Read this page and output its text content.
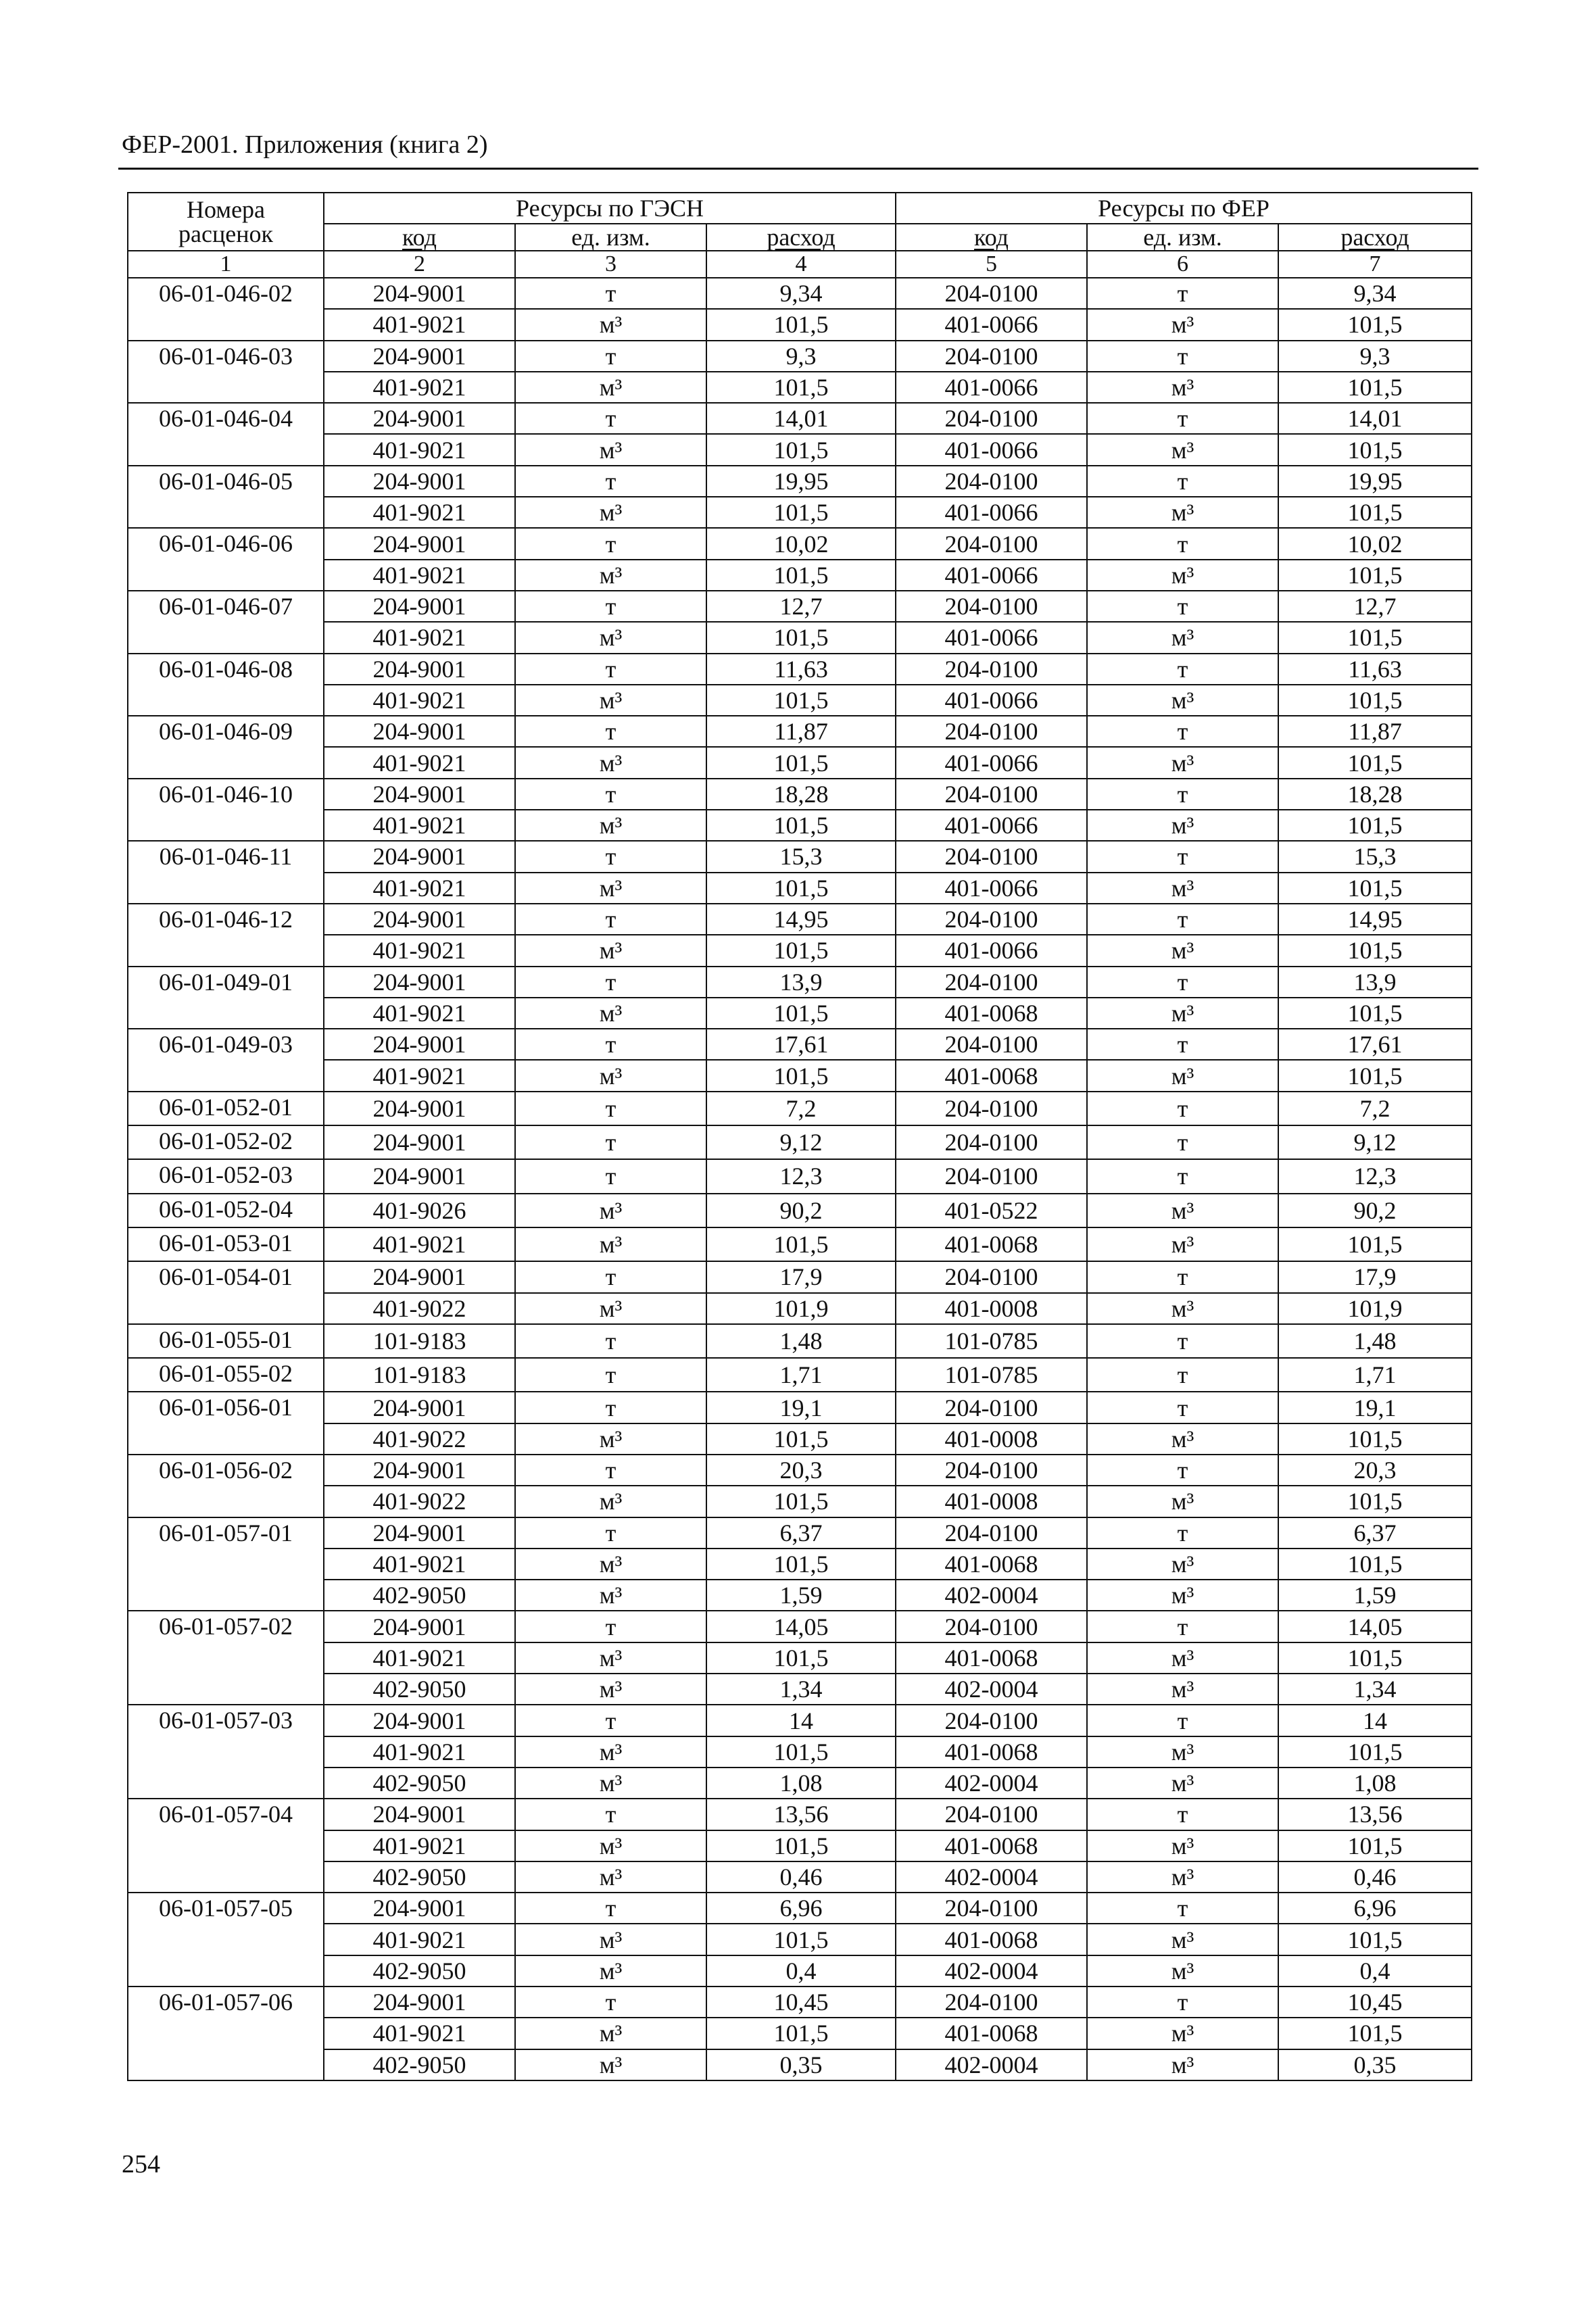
ФЕР-2001. Приложения (книга 2)
Номера
расценок	Ресурсы по ГЭСН			Ресурсы по ФЕР		
	код	ед. изм.	расход	код	ед. изм.	расход
1	2	3	4	5	6	7
06-01-046-02	204-9001	т	9,34	204-0100	т	9,34
	401-9021	м³	101,5	401-0066	м³	101,5
06-01-046-03	204-9001	т	9,3	204-0100	т	9,3
	401-9021	м³	101,5	401-0066	м³	101,5
06-01-046-04	204-9001	т	14,01	204-0100	т	14,01
	401-9021	м³	101,5	401-0066	м³	101,5
06-01-046-05	204-9001	т	19,95	204-0100	т	19,95
	401-9021	м³	101,5	401-0066	м³	101,5
06-01-046-06	204-9001	т	10,02	204-0100	т	10,02
	401-9021	м³	101,5	401-0066	м³	101,5
06-01-046-07	204-9001	т	12,7	204-0100	т	12,7
	401-9021	м³	101,5	401-0066	м³	101,5
06-01-046-08	204-9001	т	11,63	204-0100	т	11,63
	401-9021	м³	101,5	401-0066	м³	101,5
06-01-046-09	204-9001	т	11,87	204-0100	т	11,87
	401-9021	м³	101,5	401-0066	м³	101,5
06-01-046-10	204-9001	т	18,28	204-0100	т	18,28
	401-9021	м³	101,5	401-0066	м³	101,5
06-01-046-11	204-9001	т	15,3	204-0100	т	15,3
	401-9021	м³	101,5	401-0066	м³	101,5
06-01-046-12	204-9001	т	14,95	204-0100	т	14,95
	401-9021	м³	101,5	401-0066	м³	101,5
06-01-049-01	204-9001	т	13,9	204-0100	т	13,9
	401-9021	м³	101,5	401-0068	м³	101,5
06-01-049-03	204-9001	т	17,61	204-0100	т	17,61
	401-9021	м³	101,5	401-0068	м³	101,5
06-01-052-01	204-9001	т	7,2	204-0100	т	7,2
06-01-052-02	204-9001	т	9,12	204-0100	т	9,12
06-01-052-03	204-9001	т	12,3	204-0100	т	12,3
06-01-052-04	401-9026	м³	90,2	401-0522	м³	90,2
06-01-053-01	401-9021	м³	101,5	401-0068	м³	101,5
06-01-054-01	204-9001	т	17,9	204-0100	т	17,9
	401-9022	м³	101,9	401-0008	м³	101,9
06-01-055-01	101-9183	т	1,48	101-0785	т	1,48
06-01-055-02	101-9183	т	1,71	101-0785	т	1,71
06-01-056-01	204-9001	т	19,1	204-0100	т	19,1
	401-9022	м³	101,5	401-0008	м³	101,5
06-01-056-02	204-9001	т	20,3	204-0100	т	20,3
	401-9022	м³	101,5	401-0008	м³	101,5
06-01-057-01	204-9001	т	6,37	204-0100	т	6,37
	401-9021	м³	101,5	401-0068	м³	101,5
	402-9050	м³	1,59	402-0004	м³	1,59
06-01-057-02	204-9001	т	14,05	204-0100	т	14,05
	401-9021	м³	101,5	401-0068	м³	101,5
	402-9050	м³	1,34	402-0004	м³	1,34
06-01-057-03	204-9001	т	14	204-0100	т	14
	401-9021	м³	101,5	401-0068	м³	101,5
	402-9050	м³	1,08	402-0004	м³	1,08
06-01-057-04	204-9001	т	13,56	204-0100	т	13,56
	401-9021	м³	101,5	401-0068	м³	101,5
	402-9050	м³	0,46	402-0004	м³	0,46
06-01-057-05	204-9001	т	6,96	204-0100	т	6,96
	401-9021	м³	101,5	401-0068	м³	101,5
	402-9050	м³	0,4	402-0004	м³	0,4
06-01-057-06	204-9001	т	10,45	204-0100	т	10,45
	401-9021	м³	101,5	401-0068	м³	101,5
	402-9050	м³	0,35	402-0004	м³	0,35
254
